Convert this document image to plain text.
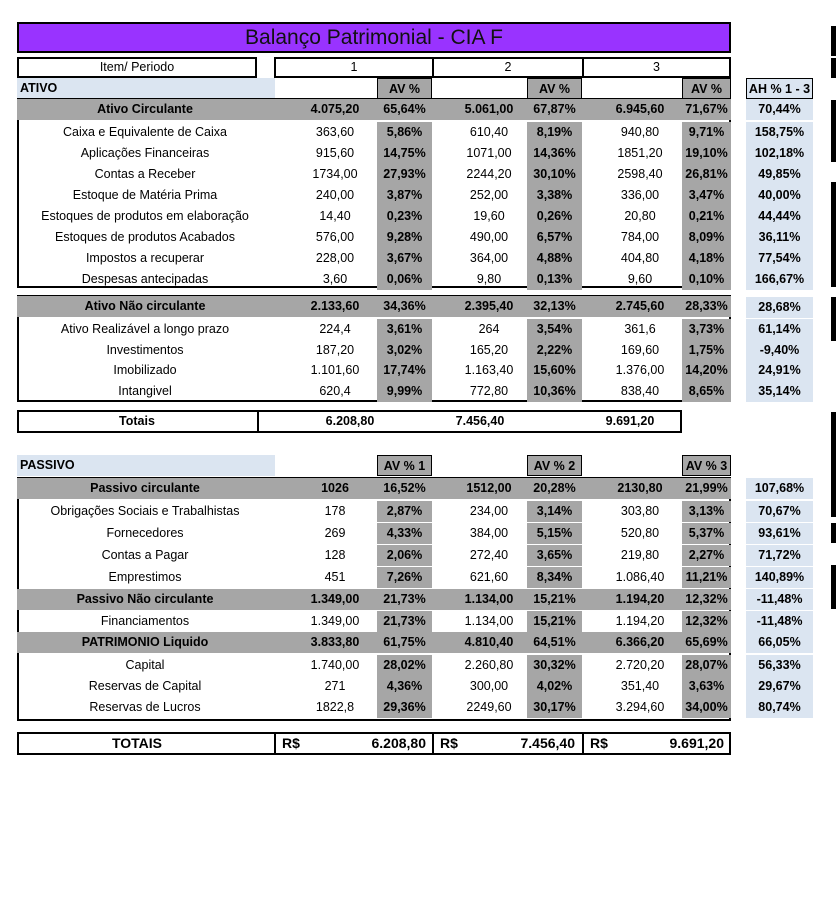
Balanço Patrimonial - CIA F
Item/ Periodo	1	2	3
ATIVO	AV %	AV %	AV %	AH % 1 - 3
Ativo Circulante	4.075,20	65,64%	5.061,00	67,87%	6.945,60	71,67%	70,44%
Caixa e Equivalente de Caixa	363,60	5,86%	610,40	8,19%	940,80	9,71%	158,75%
Aplicações Financeiras	915,60	14,75%	1071,00	14,36%	1851,20	19,10%	102,18%
Contas a Receber	1734,00	27,93%	2244,20	30,10%	2598,40	26,81%	49,85%
Estoque de Matéria Prima	240,00	3,87%	252,00	3,38%	336,00	3,47%	40,00%
Estoques de produtos em elaboração	14,40	0,23%	19,60	0,26%	20,80	0,21%	44,44%
Estoques de produtos Acabados	576,00	9,28%	490,00	6,57%	784,00	8,09%	36,11%
Impostos a recuperar	228,00	3,67%	364,00	4,88%	404,80	4,18%	77,54%
Despesas antecipadas	3,60	0,06%	9,80	0,13%	9,60	0,10%	166,67%
Ativo Não circulante	2.133,60	34,36%	2.395,40	32,13%	2.745,60	28,33%	28,68%
Ativo Realizável a longo prazo	224,4	3,61%	264	3,54%	361,6	3,73%	61,14%
Investimentos	187,20	3,02%	165,20	2,22%	169,60	1,75%	-9,40%
Imobilizado	1.101,60	17,74%	1.163,40	15,60%	1.376,00	14,20%	24,91%
Intangivel	620,4	9,99%	772,80	10,36%	838,40	8,65%	35,14%
Totais	6.208,80	7.456,40	9.691,20
PASSIVO	AV % 1	AV % 2	AV % 3
Passivo circulante	1026	16,52%	1512,00	20,28%	2130,80	21,99%	107,68%
Obrigações Sociais e Trabalhistas	178	2,87%	234,00	3,14%	303,80	3,13%	70,67%
Fornecedores	269	4,33%	384,00	5,15%	520,80	5,37%	93,61%
Contas a Pagar	128	2,06%	272,40	3,65%	219,80	2,27%	71,72%
Emprestimos	451	7,26%	621,60	8,34%	1.086,40	11,21%	140,89%
Passivo Não circulante	1.349,00	21,73%	1.134,00	15,21%	1.194,20	12,32%	-11,48%
Financiamentos	1.349,00	21,73%	1.134,00	15,21%	1.194,20	12,32%	-11,48%
PATRIMONIO Liquido	3.833,80	61,75%	4.810,40	64,51%	6.366,20	65,69%	66,05%
Capital	1.740,00	28,02%	2.260,80	30,32%	2.720,20	28,07%	56,33%
Reservas de Capital	271	4,36%	300,00	4,02%	351,40	3,63%	29,67%
Reservas de Lucros	1822,8	29,36%	2249,60	30,17%	3.294,60	34,00%	80,74%
TOTAIS	R$	6.208,80 R$	7.456,40 R$	9.691,20
